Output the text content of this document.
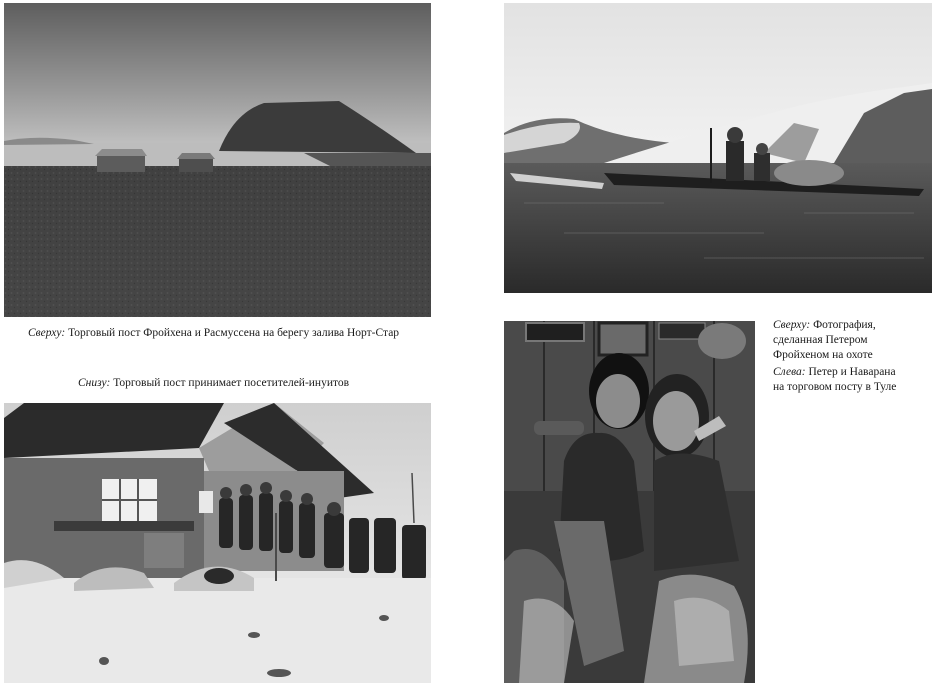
Сверху: Торговый пост Фройхена и Расмуссена на берегу залива Норт-Стар
Снизу: Торговый пост принимает посетителей-инуитов
Сверху: Фотография,
сделанная Петером
Фройхеном на охоте
Слева: Петер и Наварана
на торговом посту в Туле
